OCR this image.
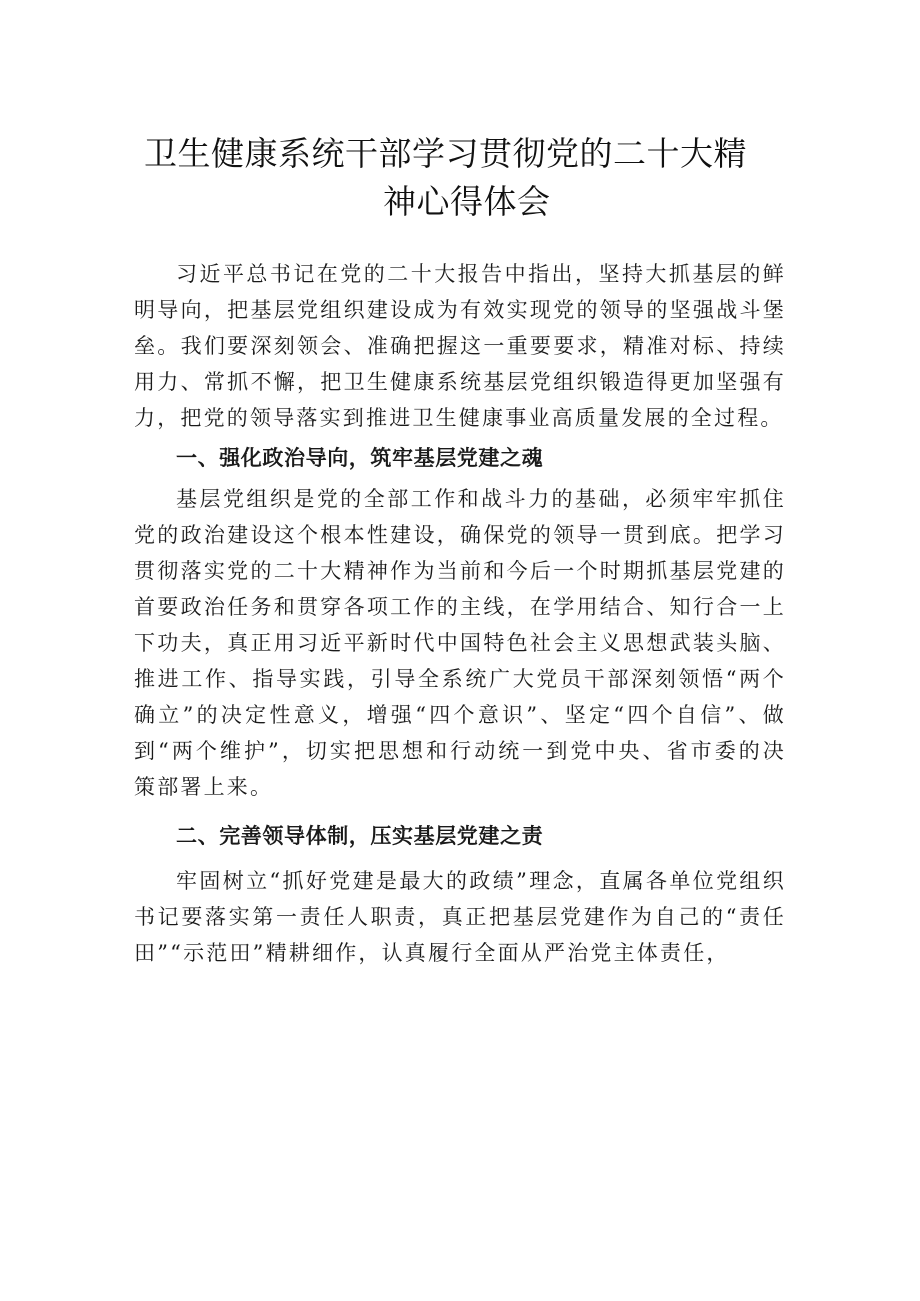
卫生健康系统干部学习贯彻党的二十大精
神心得体会

习近平总书记在党的二十大报告中指出，坚持大抓基层的鲜明导向，把基层党组织建设成为有效实现党的领导的坚强战斗堡垒。我们要深刻领会、准确把握这一重要要求，精准对标、持续用力、常抓不懈，把卫生健康系统基层党组织锻造得更加坚强有力，把党的领导落实到推进卫生健康事业高质量发展的全过程。

一、强化政治导向，筑牢基层党建之魂

基层党组织是党的全部工作和战斗力的基础，必须牢牢抓住党的政治建设这个根本性建设，确保党的领导一贯到底。把学习贯彻落实党的二十大精神作为当前和今后一个时期抓基层党建的首要政治任务和贯穿各项工作的主线，在学用结合、知行合一上下功夫，真正用习近平新时代中国特色社会主义思想武装头脑、推进工作、指导实践，引导全系统广大党员干部深刻领悟“两个确立”的决定性意义，增强“四个意识”、坚定“四个自信”、做到“两个维护”，切实把思想和行动统一到党中央、省市委的决策部署上来。

二、完善领导体制，压实基层党建之责

牢固树立“抓好党建是最大的政绩”理念，直属各单位党组织书记要落实第一责任人职责，真正把基层党建作为自己的“责任田”“示范田”精耕细作，认真履行全面从严治党主体责任，
